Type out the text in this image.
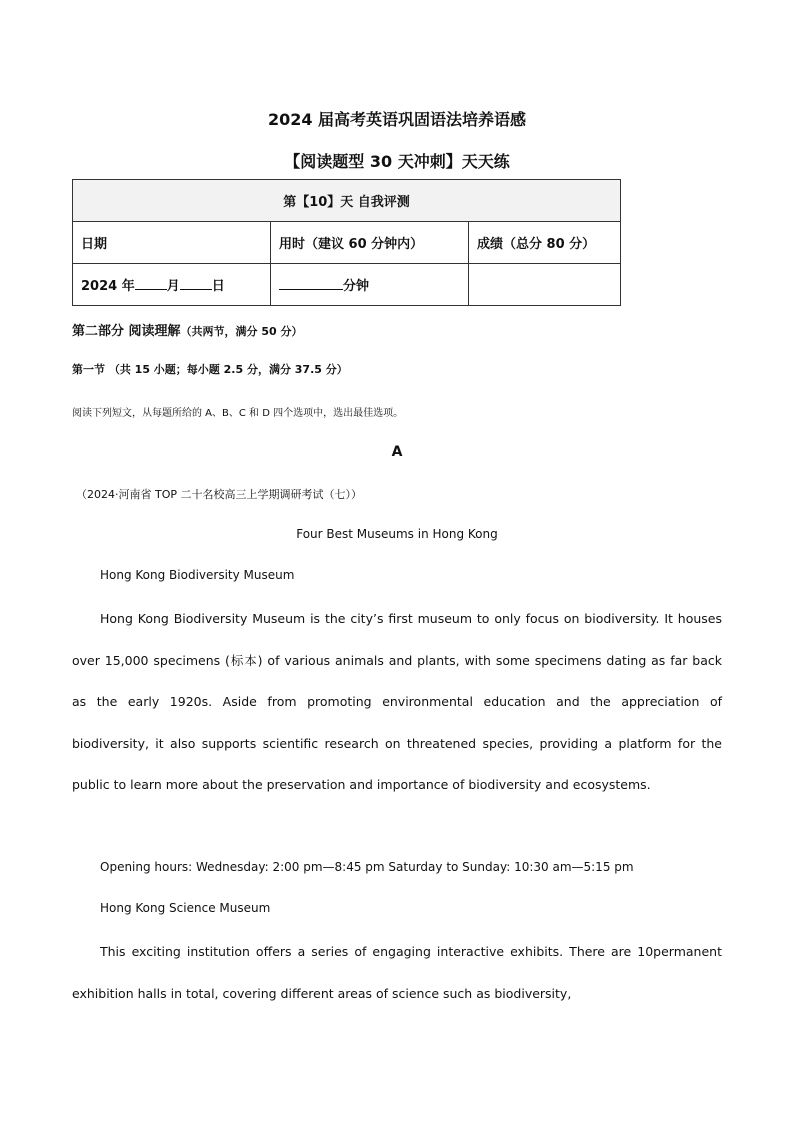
2024 届高考英语巩固语法培养语感
【阅读题型 30 天冲刺】天天练
第【10】天 自我评测		
日期	用时（建议 60 分钟内）	成绩（总分 80 分）
2024 年 月 日	分钟	
第二部分 阅读理解（共两节，满分 50 分）
第一节 （共 15 小题；每小题 2.5 分，满分 37.5 分）
阅读下列短文，从每题所给的 A、B、C 和 D 四个选项中，选出最佳选项。
A
（2024·河南省 TOP 二十名校高三上学期调研考试（七））
Four Best Museums in Hong Kong
Hong Kong Biodiversity Museum
Hong Kong Biodiversity Museum is the city’s first museum to only focus on biodiversity. It houses over 15,000 specimens (标本) of various animals and plants, with some specimens dating as far back as the early 1920s. Aside from promoting environmental education and the appreciation of biodiversity, it also supports scientific research on threatened species, providing a platform for the public to learn more about the preservation and importance of biodiversity and ecosystems.
Opening hours: Wednesday: 2:00 pm—8:45 pm Saturday to Sunday: 10:30 am—5:15 pm
Hong Kong Science Museum
This exciting institution offers a series of engaging interactive exhibits. There are 10permanent exhibition halls in total, covering different areas of science such as biodiversity,
